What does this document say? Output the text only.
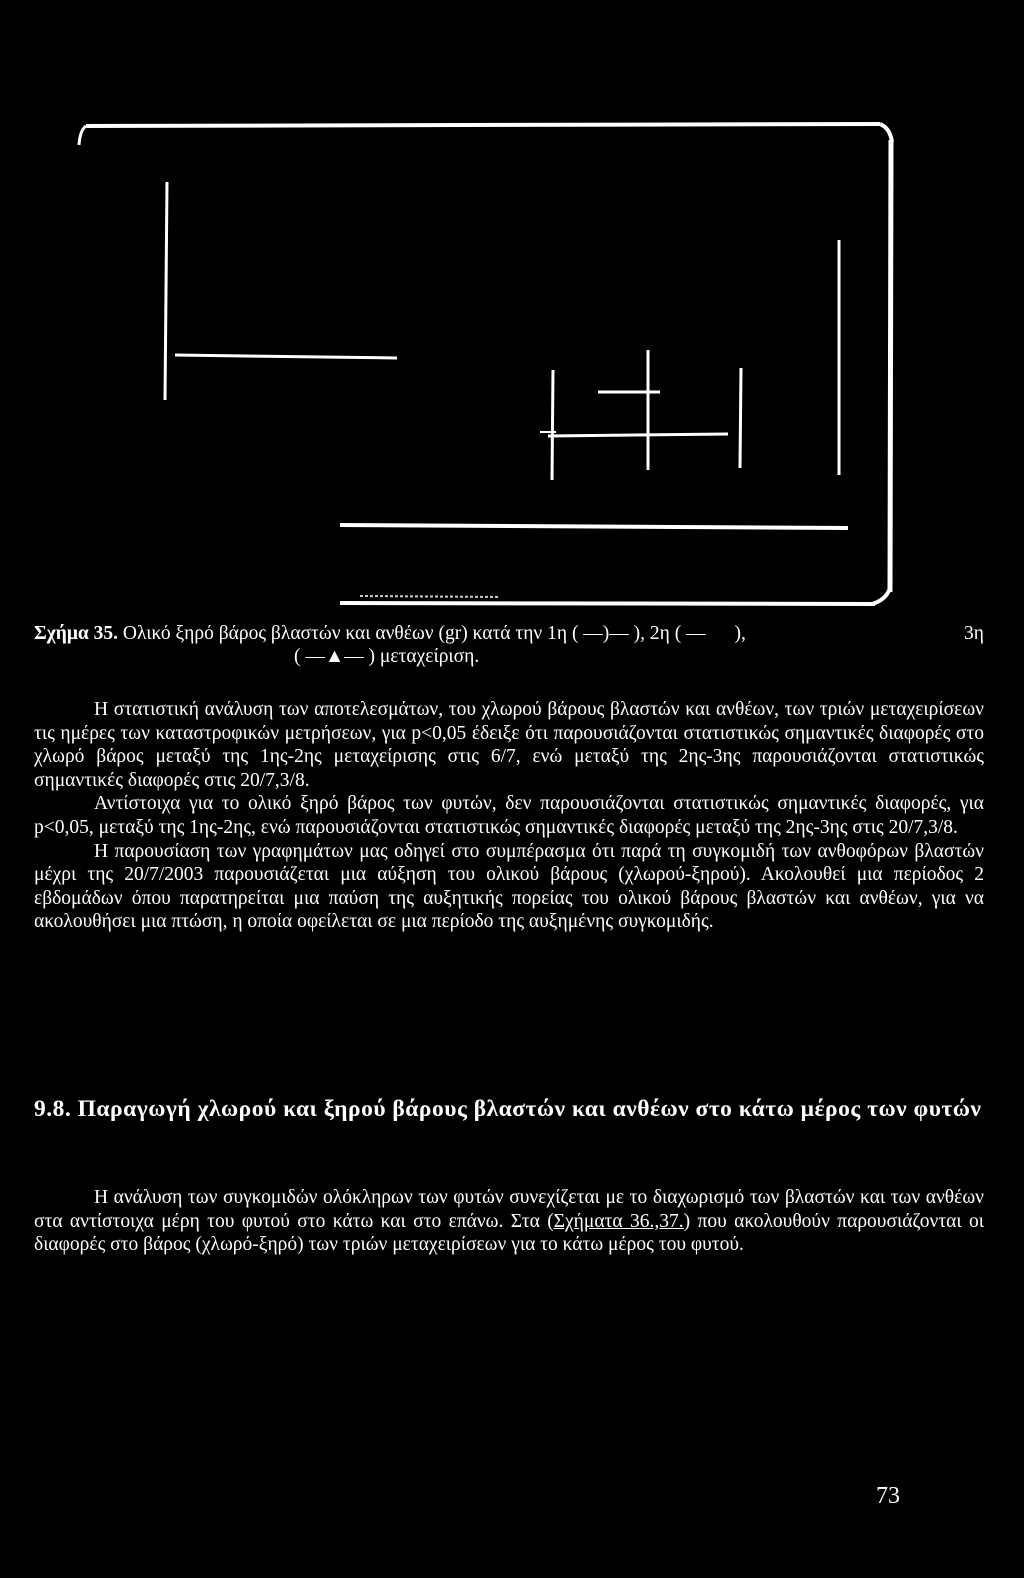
Σχήμα 35. Ολικό ξηρό βάρος βλαστών και ανθέων (gr) κατά την 1η ( —)— ), 2η ( — ),	3η
( —▲— ) μεταχείριση.

Η στατιστική ανάλυση των αποτελεσμάτων, του χλωρού βάρους βλαστών και ανθέων, των τριών μεταχειρίσεων τις ημέρες των καταστροφικών μετρήσεων, για p<0,05 έδειξε ότι παρουσιάζονται στατιστικώς σημαντικές διαφορές στο χλωρό βάρος μεταξύ της 1ης-2ης μεταχείρισης στις 6/7, ενώ μεταξύ της 2ης-3ης παρουσιάζονται στατιστικώς σημαντικές διαφορές στις 20/7,3/8.

Αντίστοιχα για το ολικό ξηρό βάρος των φυτών, δεν παρουσιάζονται στατιστικώς σημαντικές διαφορές, για p<0,05, μεταξύ της 1ης-2ης, ενώ παρουσιάζονται στατιστικώς σημαντικές διαφορές μεταξύ της 2ης-3ης στις 20/7,3/8.

Η παρουσίαση των γραφημάτων μας οδηγεί στο συμπέρασμα ότι παρά τη συγκομιδή των ανθοφόρων βλαστών μέχρι της 20/7/2003 παρουσιάζεται μια αύξηση του ολικού βάρους (χλωρού-ξηρού). Ακολουθεί μια περίοδος 2 εβδομάδων όπου παρατηρείται μια παύση της αυξητικής πορείας του ολικού βάρους βλαστών και ανθέων, για να ακολουθήσει μια πτώση, η οποία οφείλεται σε μια περίοδο της αυξημένης συγκομιδής.

9.8. Παραγωγή χλωρού και ξηρού βάρους βλαστών και ανθέων στο κάτω μέρος των φυτών

Η ανάλυση των συγκομιδών ολόκληρων των φυτών συνεχίζεται με το διαχωρισμό των βλαστών και των ανθέων στα αντίστοιχα μέρη του φυτού στο κάτω και στο επάνω. Στα (Σχήματα 36.,37.) που ακολουθούν παρουσιάζονται οι διαφορές στο βάρος (χλωρό-ξηρό) των τριών μεταχειρίσεων για το κάτω μέρος του φυτού.

73
